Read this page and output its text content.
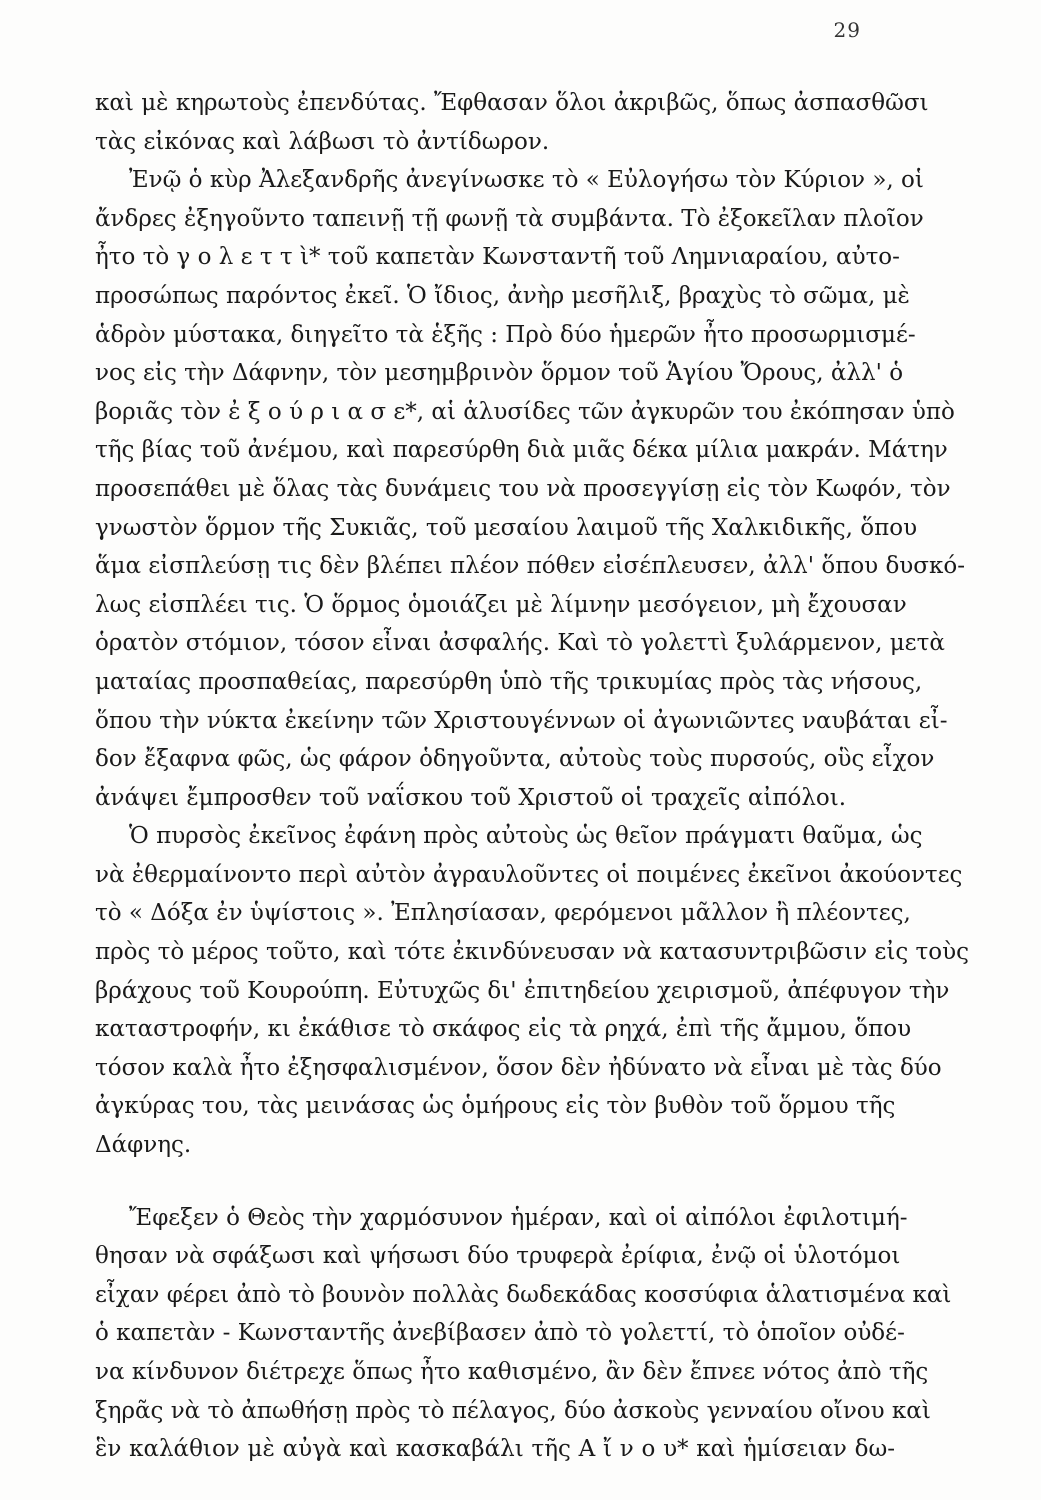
29
καὶ μὲ κηρωτοὺς ἐπενδύτας. Ἔφθασαν ὅλοι ἀκριβῶς, ὅπως ἀσπασθῶσι
τὰς εἰκόνας καὶ λάβωσι τὸ ἀντίδωρον.
Ἐνῷ ὁ κὺρ Ἀλεξανδρῆς ἀνεγίνωσκε τὸ « Εὐλογήσω τὸν Κύριον », οἱ
ἄνδρες ἐξηγοῦντο ταπεινῇ τῇ φωνῇ τὰ συμβάντα. Τὸ ἐξοκεῖλαν πλοῖον
ἦτο τὸ γ ο λ ε τ τ ὶ* τοῦ καπετὰν Κωνσταντῆ τοῦ Λημνιαραίου, αὐτο-
προσώπως παρόντος ἐκεῖ. Ὁ ἴδιος, ἀνὴρ μεσῆλιξ, βραχὺς τὸ σῶμα, μὲ
ἁδρὸν μύστακα, διηγεῖτο τὰ ἑξῆς : Πρὸ δύο ἡμερῶν ἦτο προσωρμισμέ-
νος εἰς τὴν Δάφνην, τὸν μεσημβρινὸν ὅρμον τοῦ Ἁγίου Ὄρους, ἀλλ' ὁ
βοριᾶς τὸν ἐ ξ ο ύ ρ ι α σ ε*, αἱ ἁλυσίδες τῶν ἀγκυρῶν του ἐκόπησαν ὑπὸ
τῆς βίας τοῦ ἀνέμου, καὶ παρεσύρθη διὰ μιᾶς δέκα μίλια μακράν. Μάτην
προσεπάθει μὲ ὅλας τὰς δυνάμεις του νὰ προσεγγίσῃ εἰς τὸν Κωφόν, τὸν
γνωστὸν ὅρμον τῆς Συκιᾶς, τοῦ μεσαίου λαιμοῦ τῆς Χαλκιδικῆς, ὅπου
ἅμα εἰσπλεύσῃ τις δὲν βλέπει πλέον πόθεν εἰσέπλευσεν, ἀλλ' ὅπου δυσκό-
λως εἰσπλέει τις. Ὁ ὅρμος ὁμοιάζει μὲ λίμνην μεσόγειον, μὴ ἔχουσαν
ὁρατὸν στόμιον, τόσον εἶναι ἀσφαλής. Καὶ τὸ γολεττὶ ξυλάρμενον, μετὰ
ματαίας προσπαθείας, παρεσύρθη ὑπὸ τῆς τρικυμίας πρὸς τὰς νήσους,
ὅπου τὴν νύκτα ἐκείνην τῶν Χριστουγέννων οἱ ἀγωνιῶντες ναυβάται εἶ-
δον ἔξαφνα φῶς, ὡς φάρον ὁδηγοῦντα, αὐτοὺς τοὺς πυρσούς, οὓς εἶχον
ἀνάψει ἔμπροσθεν τοῦ ναΐσκου τοῦ Χριστοῦ οἱ τραχεῖς αἰπόλοι.
Ὁ πυρσὸς ἐκεῖνος ἐφάνη πρὸς αὐτοὺς ὡς θεῖον πράγματι θαῦμα, ὡς
νὰ ἐθερμαίνοντο περὶ αὐτὸν ἀγραυλοῦντες οἱ ποιμένες ἐκεῖνοι ἀκούοντες
τὸ « Δόξα ἐν ὑψίστοις ». Ἐπλησίασαν, φερόμενοι μᾶλλον ἢ πλέοντες,
πρὸς τὸ μέρος τοῦτο, καὶ τότε ἐκινδύνευσαν νὰ κατασυντριβῶσιν εἰς τοὺς
βράχους τοῦ Κουρούπη. Εὐτυχῶς δι' ἐπιτηδείου χειρισμοῦ, ἀπέφυγον τὴν
καταστροφήν, κι ἐκάθισε τὸ σκάφος εἰς τὰ ρηχά, ἐπὶ τῆς ἄμμου, ὅπου
τόσον καλὰ ἦτο ἐξησφαλισμένον, ὅσον δὲν ἠδύνατο νὰ εἶναι μὲ τὰς δύο
ἀγκύρας του, τὰς μεινάσας ὡς ὁμήρους εἰς τὸν βυθὸν τοῦ ὅρμου τῆς
Δάφνης.
Ἔφεξεν ὁ Θεὸς τὴν χαρμόσυνον ἡμέραν, καὶ οἱ αἰπόλοι ἐφιλοτιμή-
θησαν νὰ σφάξωσι καὶ ψήσωσι δύο τρυφερὰ ἐρίφια, ἐνῷ οἱ ὑλοτόμοι
εἶχαν φέρει ἀπὸ τὸ βουνὸν πολλὰς δωδεκάδας κοσσύφια ἁλατισμένα καὶ
ὁ καπετὰν - Κωνσταντῆς ἀνεβίβασεν ἀπὸ τὸ γολεττί, τὸ ὁποῖον οὐδέ-
να κίνδυνον διέτρεχε ὅπως ἦτο καθισμένο, ἂν δὲν ἔπνεε νότος ἀπὸ τῆς
ξηρᾶς νὰ τὸ ἀπωθήσῃ πρὸς τὸ πέλαγος, δύο ἀσκοὺς γενναίου οἴνου καὶ
ἓν καλάθιον μὲ αὐγὰ καὶ κασκαβάλι τῆς Α ἴ ν ο υ* καὶ ἡμίσειαν δω-
